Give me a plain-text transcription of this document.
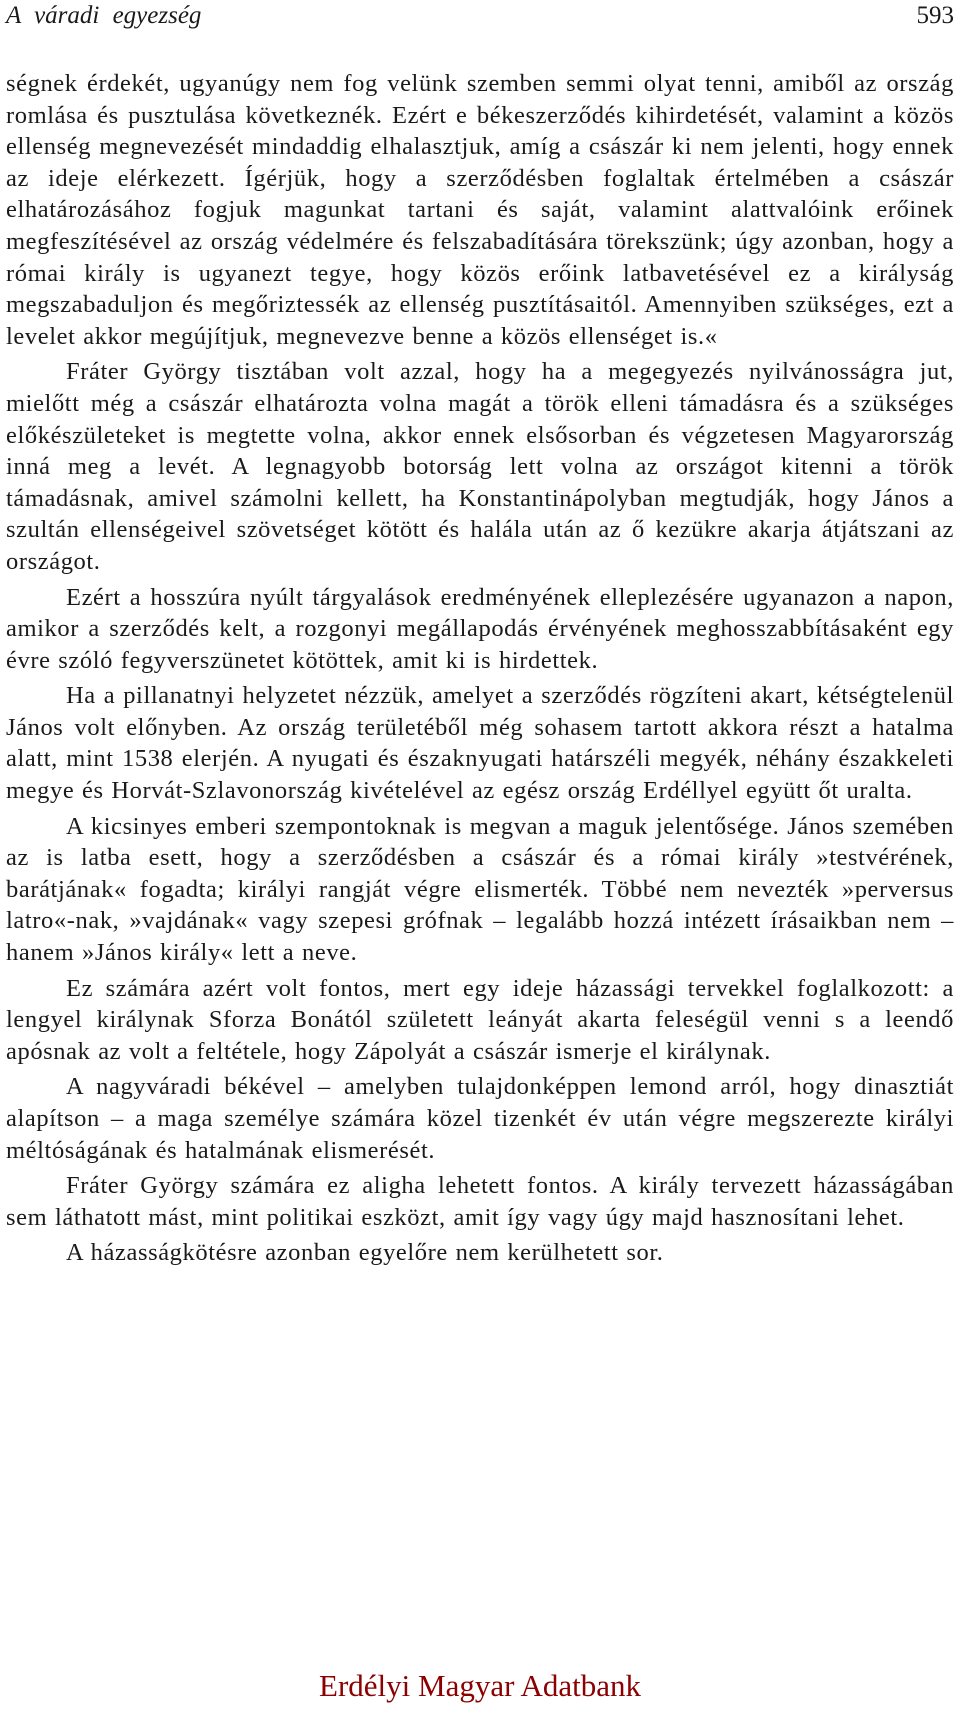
A váradi egyezség	593

ségnek érdekét, ugyanúgy nem fog velünk szemben semmi olyat tenni, amiből az ország romlása és pusztulása következnék. Ezért e békeszerződés kihirdetését, valamint a közös ellenség megnevezését mindaddig elhalasztjuk, amíg a császár ki nem jelenti, hogy ennek az ideje elérkezett. Ígérjük, hogy a szerződésben foglaltak értelmében a császár elhatározásához fogjuk magunkat tartani és saját, valamint alattvalóink erőinek megfeszítésével az ország védelmére és felszabadítására törekszünk; úgy azonban, hogy a római király is ugyanezt tegye, hogy közös erőink latbavetésével ez a királyság megszabaduljon és megőriztessék az ellenség pusztításaitól. Amennyiben szükséges, ezt a levelet akkor megújítjuk, megnevezve benne a közös ellenséget is.«

Fráter György tisztában volt azzal, hogy ha a megegyezés nyilvánosságra jut, mielőtt még a császár elhatározta volna magát a török elleni támadásra és a szükséges előkészületeket is megtette volna, akkor ennek elsősorban és végzetesen Magyarország inná meg a levét. A legnagyobb botorság lett volna az országot kitenni a török támadásnak, amivel számolni kellett, ha Konstantinápolyban megtudják, hogy János a szultán ellenségeivel szövetséget kötött és halála után az ő kezükre akarja átjátszani az országot.

Ezért a hosszúra nyúlt tárgyalások eredményének elleplezésére ugyanazon a napon, amikor a szerződés kelt, a rozgonyi megállapodás érvényének meghosszabbításaként egy évre szóló fegyverszünetet kötöttek, amit ki is hirdettek.

Ha a pillanatnyi helyzetet nézzük, amelyet a szerződés rögzíteni akart, kétségtelenül János volt előnyben. Az ország területéből még sohasem tartott akkora részt a hatalma alatt, mint 1538 elerjén. A nyugati és északnyugati határszéli megyék, néhány északkeleti megye és Horvát-Szlavonország kivételével az egész ország Erdéllyel együtt őt uralta.

A kicsinyes emberi szempontoknak is megvan a maguk jelentősége. János szemében az is latba esett, hogy a szerződésben a császár és a római király »testvérének, barátjának« fogadta; királyi rangját végre elismerték. Többé nem nevezték »perversus latro«-nak, »vajdának« vagy szepesi grófnak – legalább hozzá intézett írásaikban nem – hanem »János király« lett a neve.

Ez számára azért volt fontos, mert egy ideje házassági tervekkel foglalkozott: a lengyel királynak Sforza Bonától született leányát akarta feleségül venni s a leendő apósnak az volt a feltétele, hogy Zápolyát a császár ismerje el királynak.

A nagyváradi békével – amelyben tulajdonképpen lemond arról, hogy dinasztiát alapítson – a maga személye számára közel tizenkét év után végre megszerezte királyi méltóságának és hatalmának elismerését.

Fráter György számára ez aligha lehetett fontos. A király tervezett házasságában sem láthatott mást, mint politikai eszközt, amit így vagy úgy majd hasznosítani lehet.

A házasságkötésre azonban egyelőre nem kerülhetett sor.

Erdélyi Magyar Adatbank
